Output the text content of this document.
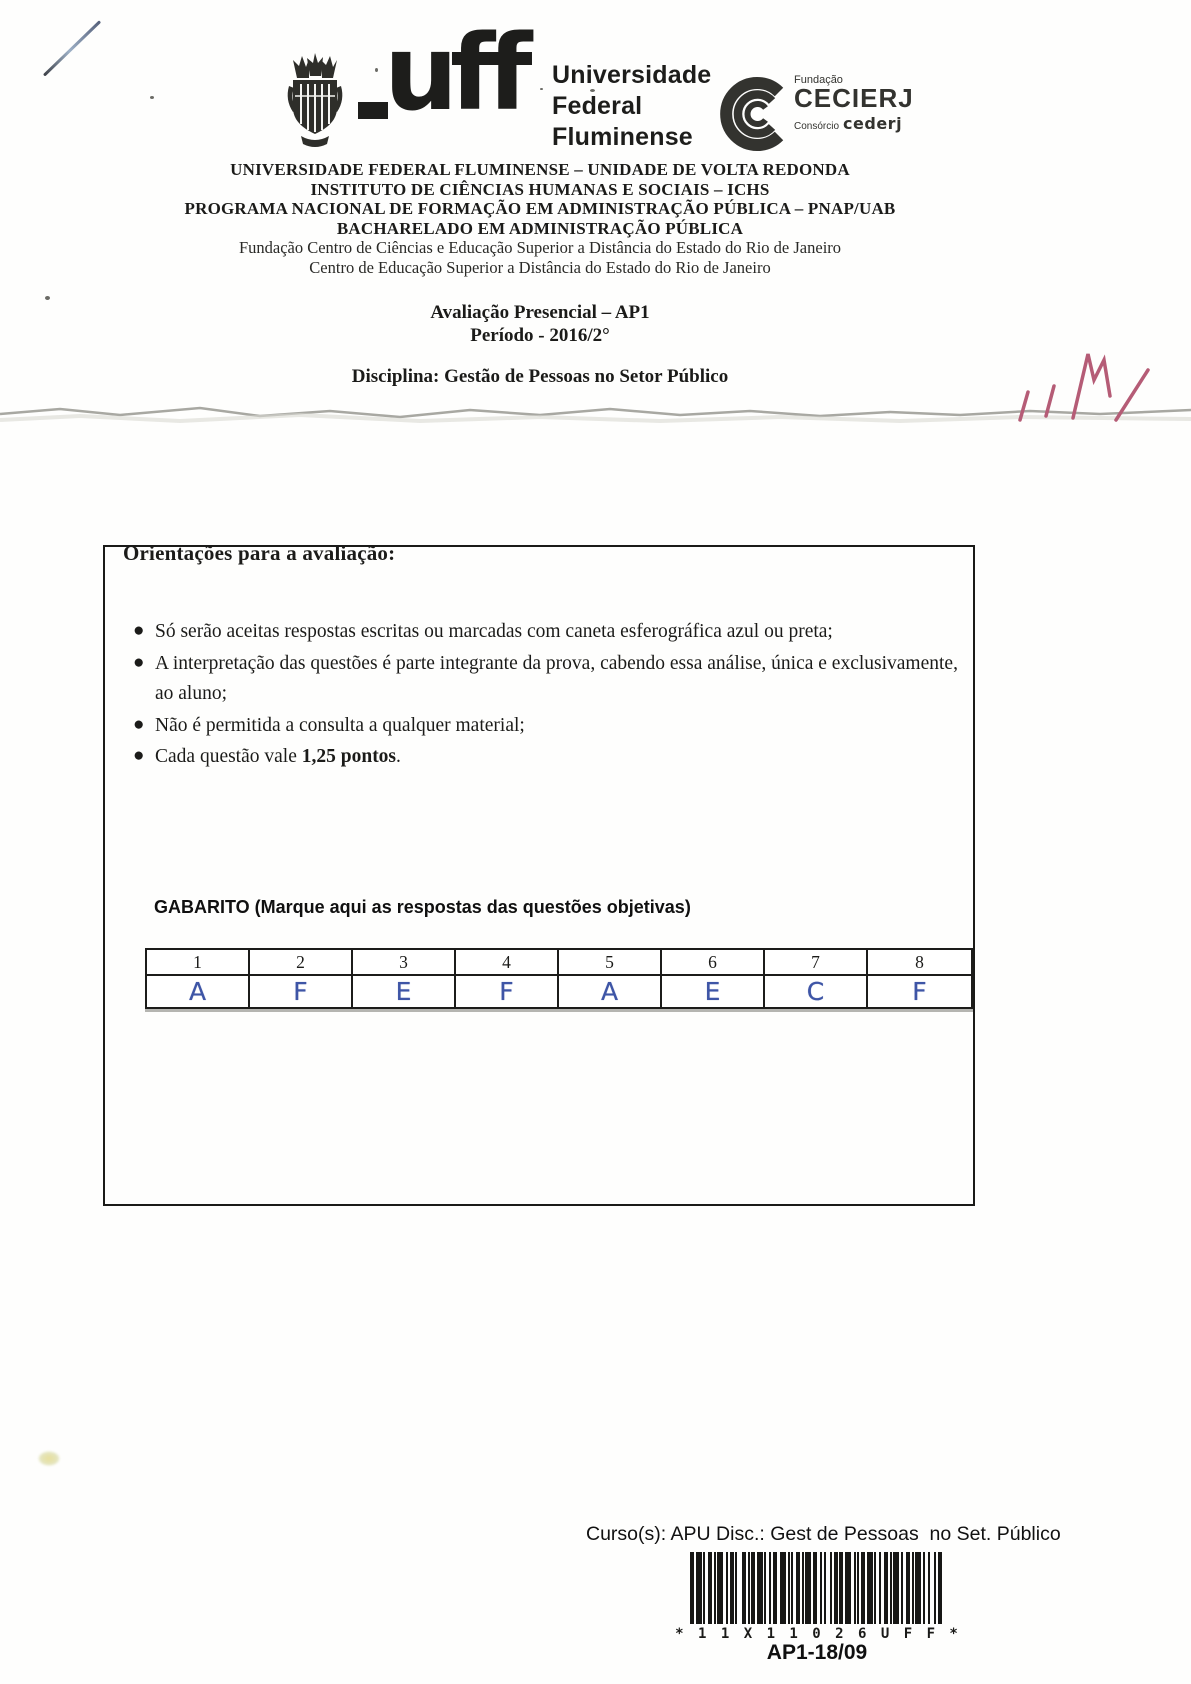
uff Universidade
Federal
Fluminense
Fundação
CECIERJ
Consórcio cederj
UNIVERSIDADE FEDERAL FLUMINENSE – UNIDADE DE VOLTA REDONDA
INSTITUTO DE CIÊNCIAS HUMANAS E SOCIAIS – ICHS
PROGRAMA NACIONAL DE FORMAÇÃO EM ADMINISTRAÇÃO PÚBLICA – PNAP/UAB
BACHARELADO EM ADMINISTRAÇÃO PÚBLICA
Fundação Centro de Ciências e Educação Superior a Distância do Estado do Rio de Janeiro
Centro de Educação Superior a Distância do Estado do Rio de Janeiro
Avaliação Presencial – AP1
Período - 2016/2°
Disciplina: Gestão de Pessoas no Setor Público
Orientações para a avaliação:
● Só serão aceitas respostas escritas ou marcadas com caneta esferográfica azul ou preta;
● A interpretação das questões é parte integrante da prova, cabendo essa análise, única e exclusivamente, ao aluno;
● Não é permitida a consulta a qualquer material;
● Cada questão vale 1,25 pontos.
GABARITO (Marque aqui as respostas das questões objetivas)
1	2	3	4	5	6	7	8
A	F	E	F	A	E	C	F
Curso(s): APU Disc.: Gest de Pessoas  no Set. Público
* 1 1 X 1 1 0 2 6 U F F *
AP1-18/09
